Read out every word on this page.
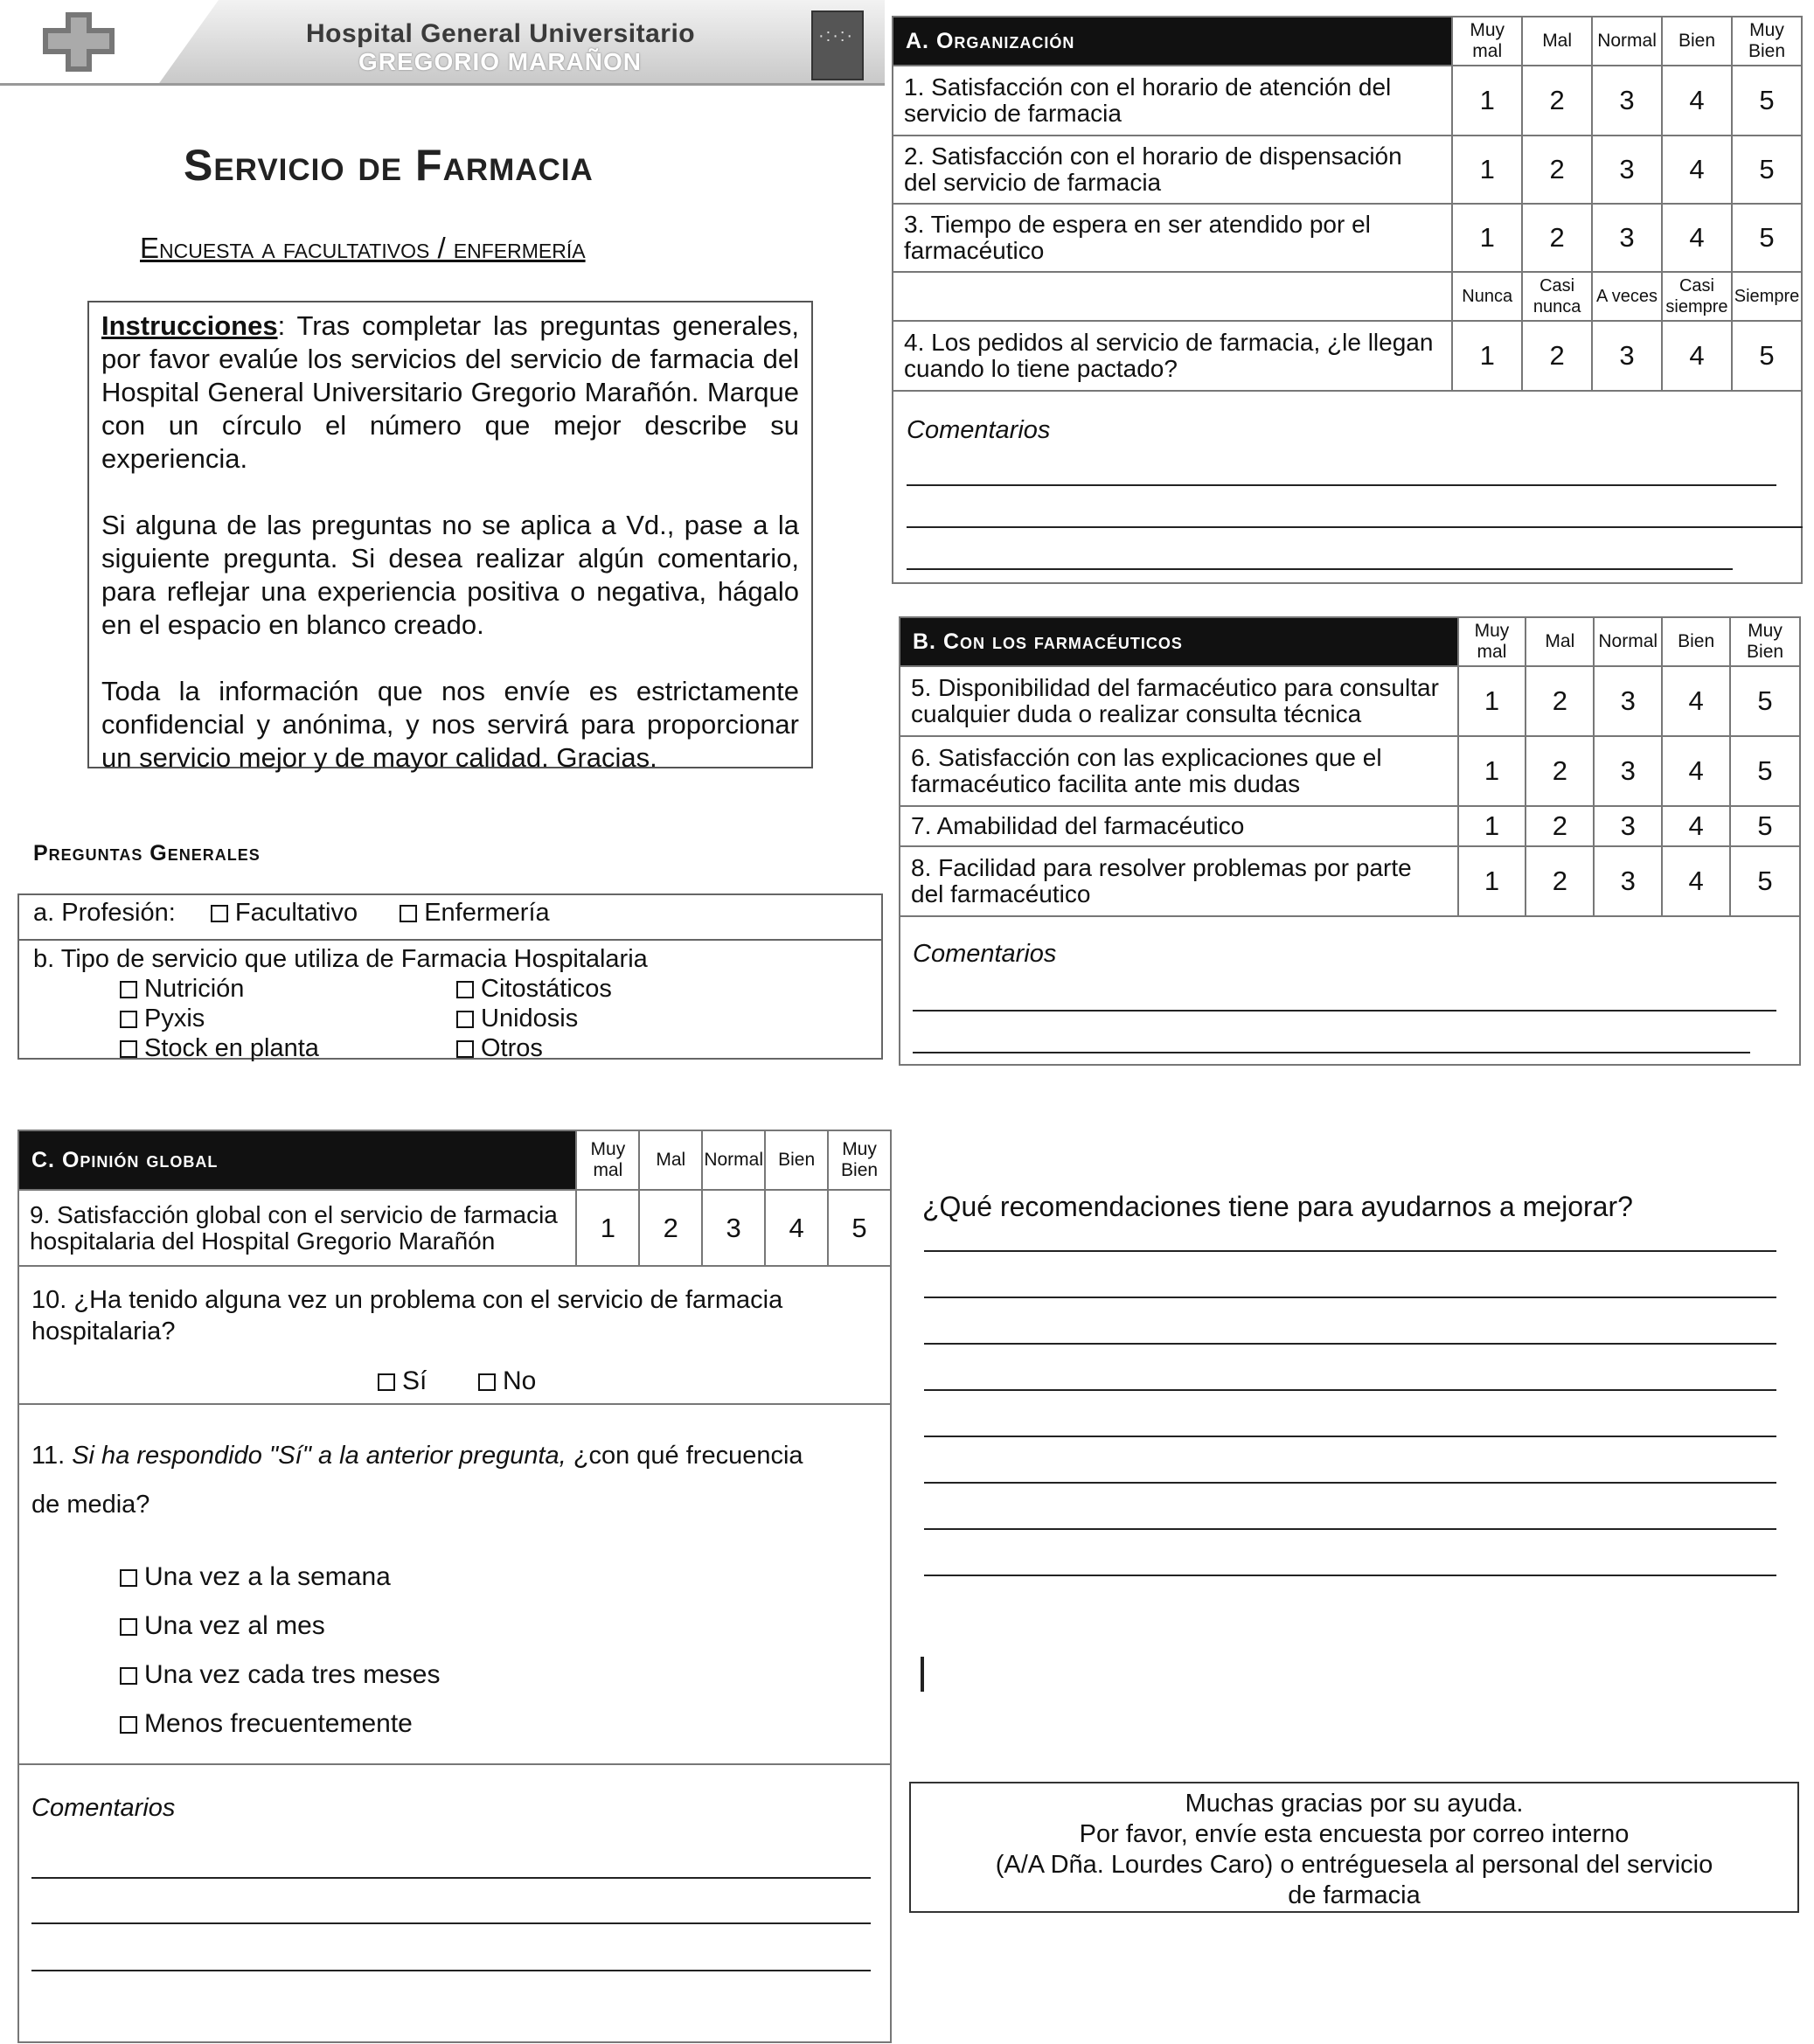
Hospital General Universitario
GREGORIO MARAÑON
·:·:·
Servicio de Farmacia
Encuesta a facultativos / enfermería

Instrucciones: Tras completar las preguntas generales, por favor evalúe los servicios del servicio de farmacia del Hospital General Universitario Gregorio Marañón. Marque con un círculo el número que mejor describe su experiencia.

Si alguna de las preguntas no se aplica a Vd., pase a la siguiente pregunta. Si desea realizar algún comentario, para reflejar una experiencia positiva o negativa, hágalo en el espacio en blanco creado.

Toda la información que nos envíe es estrictamente confidencial y anónima, y nos servirá para proporcionar un servicio mejor y de mayor calidad. Gracias.

Preguntas Generales
a. Profesión: Facultativo	Enfermería
b. Tipo de servicio que utiliza de Farmacia Hospitalaria
Nutrición
Pyxis
Stock en planta
Citostáticos
Unidosis
Otros
A. Organización	Muy mal	Mal	Normal	Bien	Muy Bien
1. Satisfacción con el horario de atención del servicio de farmacia	1	2	3	4	5
2. Satisfacción con el horario de dispensación del servicio de farmacia	1	2	3	4	5
3. Tiempo de espera en ser atendido por el farmacéutico	1	2	3	4	5
	Nunca	Casi nunca	A veces	Casi siempre	Siempre
4. Los pedidos al servicio de farmacia, ¿le llegan cuando lo tiene pactado?	1	2	3	4	5
Comentarios
B. Con los farmacéuticos	Muy mal	Mal	Normal	Bien	Muy Bien
5. Disponibilidad del farmacéutico para consultar cualquier duda o realizar consulta técnica	1	2	3	4	5
6. Satisfacción con las explicaciones que el farmacéutico facilita ante mis dudas	1	2	3	4	5
7. Amabilidad del farmacéutico	1	2	3	4	5
8. Facilidad para resolver problemas por parte del farmacéutico	1	2	3	4	5
Comentarios
C. Opinión global	Muy mal	Mal	Normal	Bien	Muy Bien
9. Satisfacción global con el servicio de farmacia hospitalaria del Hospital Gregorio Marañón	1	2	3	4	5
10. ¿Ha tenido alguna vez un problema con el servicio de farmacia hospitalaria?
Sí	No
11. Si ha respondido "Sí" a la anterior pregunta, ¿con qué frecuencia de media?
Una vez a la semana
Una vez al mes
Una vez cada tres meses
Menos frecuentemente
Comentarios
¿Qué recomendaciones tiene para ayudarnos a mejorar?
Muchas gracias por su ayuda.
Por favor, envíe esta encuesta por correo interno
(A/A Dña. Lourdes Caro) o entréguesela al personal del servicio
de farmacia
